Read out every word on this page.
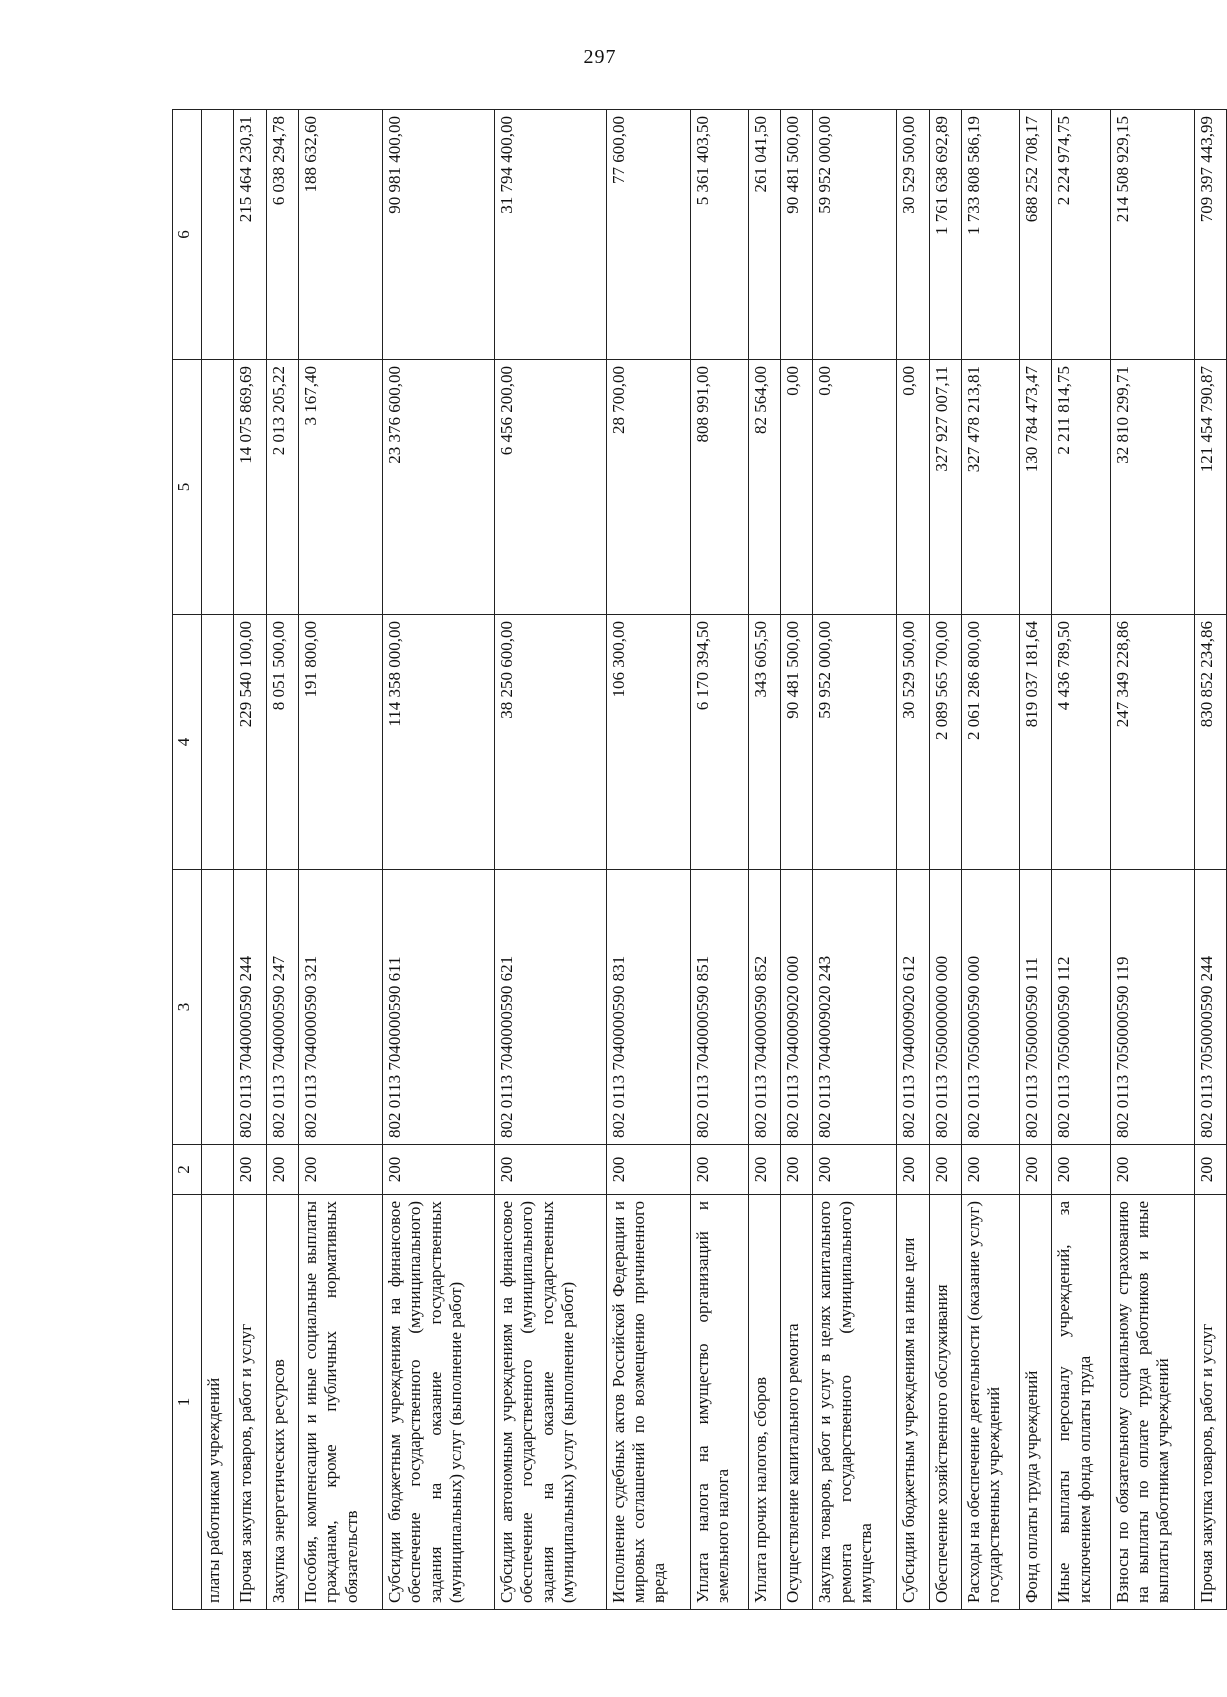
297
1	2	3	4	5	6
платы работникам учреждений					
Прочая закупка товаров, работ и услуг	200	802 0113 7040000590 244	229 540 100,00	14 075 869,69	215 464 230,31
Закупка энергетических ресурсов	200	802 0113 7040000590 247	8 051 500,00	2 013 205,22	6 038 294,78
Пособия, компенсации и иные социальные выплаты гражданам, кроме публичных нормативных обязательств	200	802 0113 7040000590 321	191 800,00	3 167,40	188 632,60
Субсидии бюджетным учреждениям на финансовое обеспечение государственного (муниципального) задания на оказание государственных (муниципальных) услуг (выполнение работ)	200	802 0113 7040000590 611	114 358 000,00	23 376 600,00	90 981 400,00
Субсидии автономным учреждениям на финансовое обеспечение государственного (муниципального) задания на оказание государственных (муниципальных) услуг (выполнение работ)	200	802 0113 7040000590 621	38 250 600,00	6 456 200,00	31 794 400,00
Исполнение судебных актов Российской Федерации и мировых соглашений по возмещению причиненного вреда	200	802 0113 7040000590 831	106 300,00	28 700,00	77 600,00
Уплата налога на имущество организаций и земельного налога	200	802 0113 7040000590 851	6 170 394,50	808 991,00	5 361 403,50
Уплата прочих налогов, сборов	200	802 0113 7040000590 852	343 605,50	82 564,00	261 041,50
Осуществление капитального ремонта	200	802 0113 7040009020 000	90 481 500,00	0,00	90 481 500,00
Закупка товаров, работ и услуг в целях капитального ремонта государственного (муниципального) имущества	200	802 0113 7040009020 243	59 952 000,00	0,00	59 952 000,00
Субсидии бюджетным учреждениям на иные цели	200	802 0113 7040009020 612	30 529 500,00	0,00	30 529 500,00
Обеспечение хозяйственного обслуживания	200	802 0113 7050000000 000	2 089 565 700,00	327 927 007,11	1 761 638 692,89
Расходы на обеспечение деятельности (оказание услуг) государственных учреждений	200	802 0113 7050000590 000	2 061 286 800,00	327 478 213,81	1 733 808 586,19
Фонд оплаты труда учреждений	200	802 0113 7050000590 111	819 037 181,64	130 784 473,47	688 252 708,17
Иные выплаты персоналу учреждений, за исключением фонда оплаты труда	200	802 0113 7050000590 112	4 436 789,50	2 211 814,75	2 224 974,75
Взносы по обязательному социальному страхованию на выплаты по оплате труда работников и иные выплаты работникам учреждений	200	802 0113 7050000590 119	247 349 228,86	32 810 299,71	214 508 929,15
Прочая закупка товаров, работ и услуг	200	802 0113 7050000590 244	830 852 234,86	121 454 790,87	709 397 443,99
